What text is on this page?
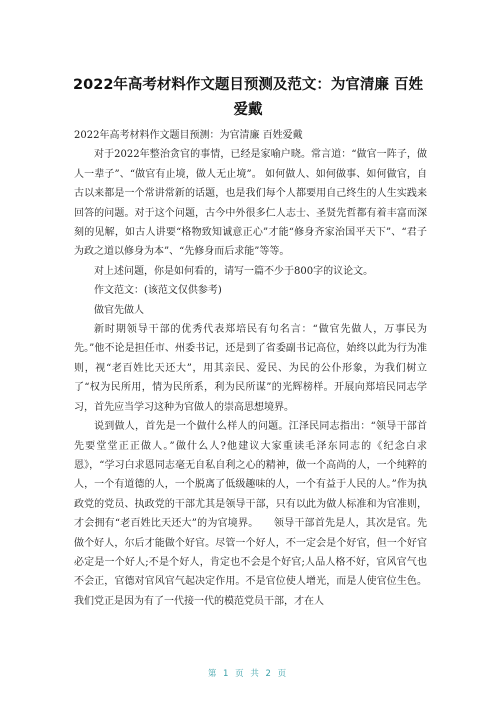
2022年高考材料作文题目预测及范文：为官清廉 百姓爱戴

2022年高考材料作文题目预测：为官清廉 百姓爱戴

对于2022年整治贪官的事情，已经是家喻户晓。常言道：“做官一阵子，做人一辈子”、“做官有止境，做人无止境”。 如何做人、如何做事、如何做官，自古以来都是一个常讲常新的话题，也是我们每个人都要用自己终生的人生实践来回答的问题。对于这个问题，古今中外很多仁人志士、圣贤先哲都有着丰富而深刻的见解，如古人讲要“格物致知诚意正心”才能“修身齐家治国平天下”、“君子为政之道以修身为本”、“先修身而后求能”等等。

对上述问题，你是如何看的，请写一篇不少于800字的议论文。

作文范文：(该范文仅供参考)

做官先做人

新时期领导干部的优秀代表郑培民有句名言：“做官先做人，万事民为先。”他不论是担任市、州委书记，还是到了省委副书记高位，始终以此为行为准则，视“老百姓比天还大”，用其亲民、爱民、为民的公仆形象，为我们树立了“权为民所用，情为民所系，利为民所谋”的光辉榜样。开展向郑培民同志学习，首先应当学习这种为官做人的崇高思想境界。

说到做人，首先是一个做什么样人的问题。江泽民同志指出：“领导干部首先要堂堂正正做人。”做什么人?他建议大家重读毛泽东同志的《纪念白求恩》，“学习白求恩同志毫无自私自利之心的精神，做一个高尚的人，一个纯粹的人，一个有道德的人，一个脱离了低级趣味的人，一个有益于人民的人。”作为执政党的党员、执政党的干部尤其是领导干部，只有以此为做人标准和为官准则，才会拥有“老百姓比天还大”的为官境界。　　领导干部首先是人，其次是官。先做个好人，尔后才能做个好官。尽管一个好人，不一定会是个好官，但一个好官必定是一个好人;不是个好人，肯定也不会是个好官;人品人格不好，官风官气也不会正，官德对官风官气起决定作用。不是官位使人增光，而是人使官位生色。我们党正是因为有了一代接一代的模范党员干部，才在人

第 1 页 共 2 页
